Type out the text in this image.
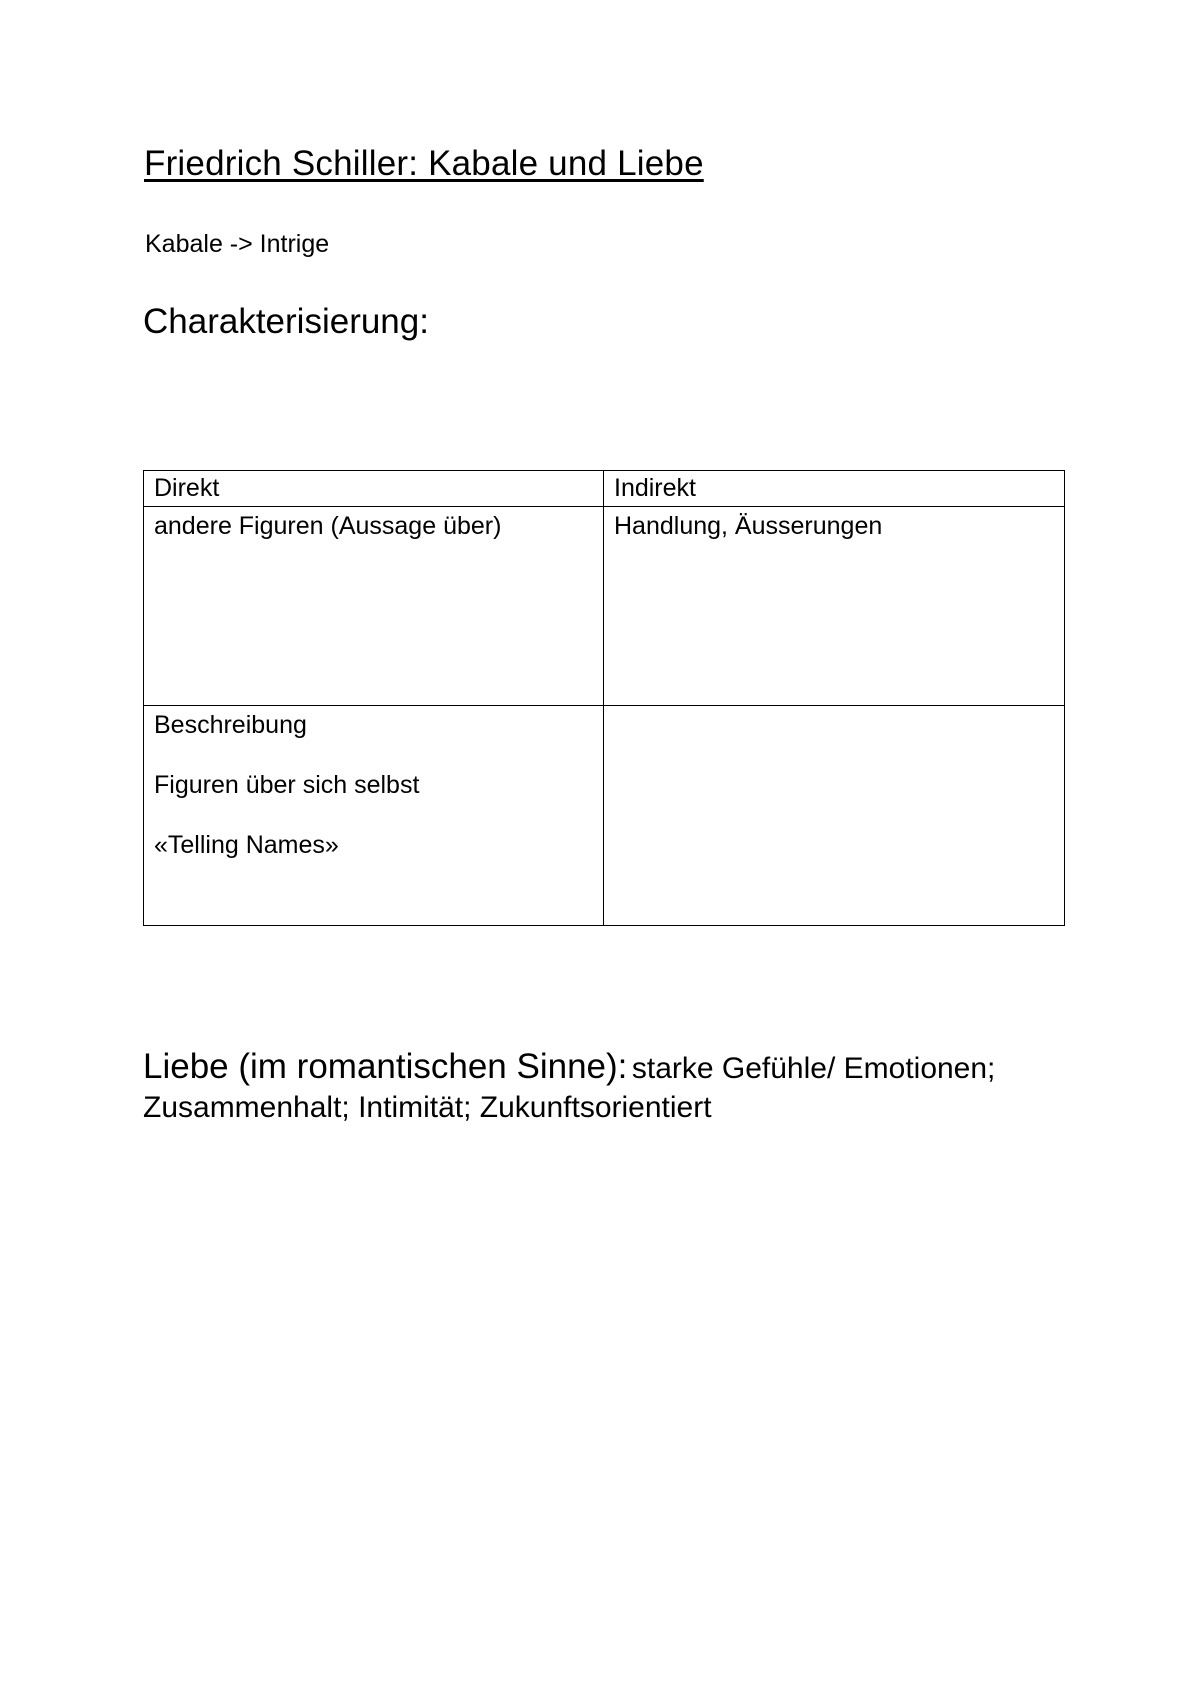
Friedrich Schiller: Kabale und Liebe
Kabale -> Intrige
Charakterisierung:
Direkt	Indirekt

andere Figuren (Aussage über)	Handlung, Äusserungen

Beschreibung
Figuren über sich selbst
«Telling Names»	

Liebe (im romantischen Sinne): starke Gefühle/ Emotionen;
Zusammenhalt; Intimität; Zukunftsorientiert
